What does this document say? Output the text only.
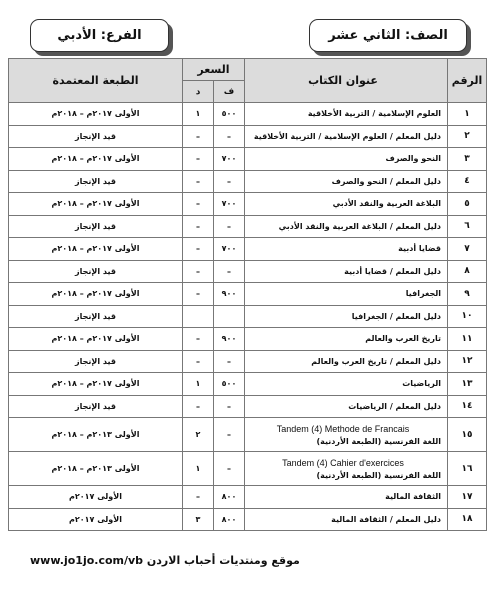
الصف: الثاني عشر
الفرع: الأدبي
الرقم	عنوان الكتاب	السعر		الطبعة المعتمدة
		ف	د	
١	العلوم الإسلامية / التربية الأخلاقية	٥٠٠	١	الأولى ٢٠١٧م – ٢٠١٨م
٢	دليل المعلم / العلوم الإسلامية / التربية الأخلاقية	–	–	قيد الإنجاز
٣	النحو والصرف	٧٠٠	–	الأولى ٢٠١٧م – ٢٠١٨م
٤	دليل المعلم / النحو والصرف	–	–	قيد الإنجاز
٥	البلاغة العربية والنقد الأدبي	٧٠٠	–	الأولى ٢٠١٧م – ٢٠١٨م
٦	دليل المعلم / البلاغة العربية والنقد الأدبي	–	–	قيد الإنجاز
٧	قضايا أدبية	٧٠٠	–	الأولى ٢٠١٧م – ٢٠١٨م
٨	دليل المعلم / قضايا أدبية	–	–	قيد الإنجاز
٩	الجغرافيا	٩٠٠	–	الأولى ٢٠١٧م – ٢٠١٨م
١٠	دليل المعلم / الجغرافيا			قيد الإنجاز
١١	تاريخ العرب والعالم	٩٠٠	–	الأولى ٢٠١٧م – ٢٠١٨م
١٢	دليل المعلم / تاريخ العرب والعالم	–	–	قيد الإنجاز
١٣	الرياضيات	٥٠٠	١	الأولى ٢٠١٧م – ٢٠١٨م
١٤	دليل المعلم / الرياضيات	–	–	قيد الإنجاز
١٥	Tandem (4) Methode de Francais
اللغة الفرنسية (الطبعة الأردنية)	–	٢	الأولى ٢٠١٣م – ٢٠١٨م
١٦	Tandem (4) Cahier d'exercices
اللغة الفرنسية (الطبعة الأردنية)	–	١	الأولى ٢٠١٣م – ٢٠١٨م
١٧	الثقافة المالية	٨٠٠	–	الأولى ٢٠١٧م
١٨	دليل المعلم / الثقافة المالية	٨٠٠	٣	الأولى ٢٠١٧م
موقع ومنتديات أحباب الاردن www.jo1jo.com/vb
